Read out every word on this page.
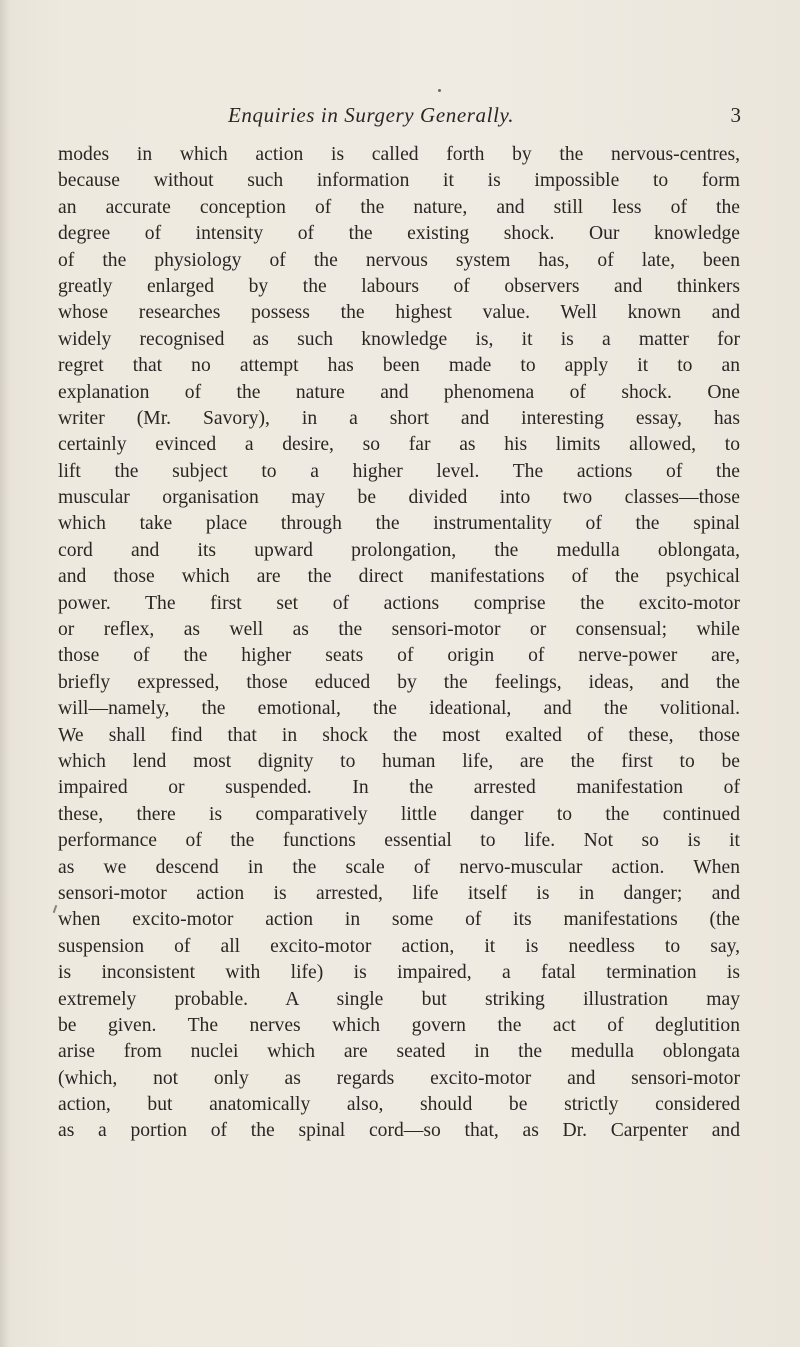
Enquiries in Surgery Generally.	3
modes in which action is called forth by the nervous-centres,
because without such information it is impossible to form
an accurate conception of the nature, and still less of the
degree of intensity of the existing shock. Our knowledge
of the physiology of the nervous system has, of late, been
greatly enlarged by the labours of observers and thinkers
whose researches possess the highest value. Well known and
widely recognised as such knowledge is, it is a matter for
regret that no attempt has been made to apply it to an
explanation of the nature and phenomena of shock. One
writer (Mr. Savory), in a short and interesting essay, has
certainly evinced a desire, so far as his limits allowed, to
lift the subject to a higher level. The actions of the
muscular organisation may be divided into two classes—those
which take place through the instrumentality of the spinal
cord and its upward prolongation, the medulla oblongata,
and those which are the direct manifestations of the psychical
power. The first set of actions comprise the excito-motor
or reflex, as well as the sensori-motor or consensual; while
those of the higher seats of origin of nerve-power are,
briefly expressed, those educed by the feelings, ideas, and the
will—namely, the emotional, the ideational, and the volitional.
We shall find that in shock the most exalted of these, those
which lend most dignity to human life, are the first to be
impaired or suspended. In the arrested manifestation of
these, there is comparatively little danger to the continued
performance of the functions essential to life. Not so is it
as we descend in the scale of nervo-muscular action. When
sensori-motor action is arrested, life itself is in danger; and
when excito-motor action in some of its manifestations (the
suspension of all excito-motor action, it is needless to say,
is inconsistent with life) is impaired, a fatal termination is
extremely probable. A single but striking illustration may
be given. The nerves which govern the act of deglutition
arise from nuclei which are seated in the medulla oblongata
(which, not only as regards excito-motor and sensori-motor
action, but anatomically also, should be strictly considered
as a portion of the spinal cord—so that, as Dr. Carpenter and
